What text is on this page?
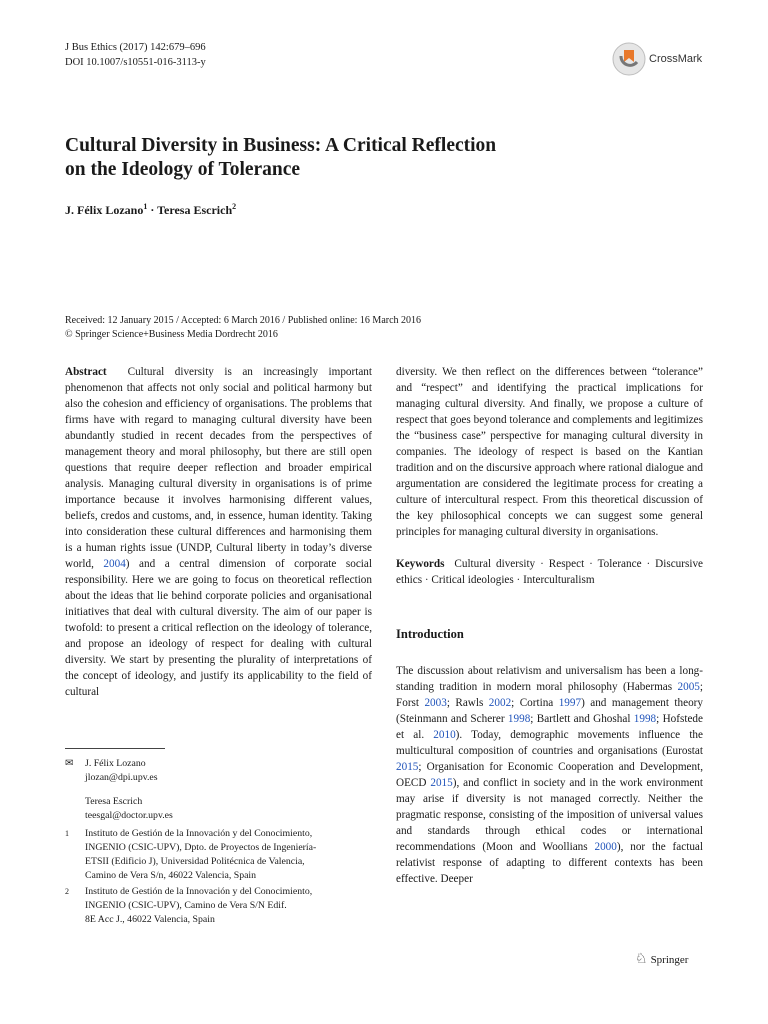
J Bus Ethics (2017) 142:679–696
DOI 10.1007/s10551-016-3113-y	CrossMark
Cultural Diversity in Business: A Critical Reflection
on the Ideology of Tolerance
J. Félix Lozano$^1$ · Teresa Escrich$^2$
Received: 12 January 2015 / Accepted: 6 March 2016 / Published online: 16 March 2016
© Springer Science+Business Media Dordrecht 2016

Abstract Cultural diversity is an increasingly important phenomenon that affects not only social and political harmony but also the cohesion and efficiency of organisations. The problems that firms have with regard to managing cultural diversity have been abundantly studied in recent decades from the perspectives of management theory and moral philosophy, but there are still open questions that require deeper reflection and broader empirical analysis. Managing cultural diversity in organisations is of prime importance because it involves harmonising different values, beliefs, credos and customs, and, in essence, human identity. Taking into consideration these cultural differences and harmonising them is a human rights issue (UNDP, Cultural liberty in today’s diverse world, 2004) and a central dimension of corporate social responsibility. Here we are going to focus on theoretical reflection about the ideas that lie behind corporate policies and organisational initiatives that deal with cultural diversity. The aim of our paper is twofold: to present a critical reflection on the ideology of tolerance, and propose an ideology of respect for dealing with cultural diversity. We start by presenting the plurality of interpretations of the concept of ideology, and justify its applicability to the field of cultural

diversity. We then reflect on the differences between “tolerance” and “respect” and identifying the practical implications for managing cultural diversity. And finally, we propose a culture of respect that goes beyond tolerance and complements and legitimizes the “business case” perspective for managing cultural diversity in companies. The ideology of respect is based on the Kantian tradition and on the discursive approach where rational dialogue and argumentation are considered the legitimate process for creating a culture of intercultural respect. From this theoretical discussion of the key philosophical concepts we can suggest some general principles for managing cultural diversity in organisations.

Keywords Cultural diversity · Respect · Tolerance · Discursive ethics · Critical ideologies · Interculturalism

Introduction

The discussion about relativism and universalism has been a long-standing tradition in modern moral philosophy (Habermas 2005; Forst 2003; Rawls 2002; Cortina 1997) and management theory (Steinmann and Scherer 1998; Bartlett and Ghoshal 1998; Hofstede et al. 2010). Today, demographic movements influence the multicultural composition of countries and organisations (Eurostat 2015; Organisation for Economic Cooperation and Development, OECD 2015), and conflict in society and in the work environment may arise if diversity is not managed correctly. Neither the pragmatic response, consisting of the imposition of universal values and standards through ethical codes or international recommendations (Moon and Woollians 2000), nor the factual relativist response of adapting to different contexts has been effective. Deeper

✉	J. Félix Lozano
jlozan@dpi.upv.es
Teresa Escrich
teesgal@doctor.upv.es
1	Instituto de Gestión de la Innovación y del Conocimiento,
INGENIO (CSIC-UPV), Dpto. de Proyectos de Ingeniería-
ETSII (Edificio J), Universidad Politécnica de Valencia,
Camino de Vera S/n, 46022 Valencia, Spain
2	Instituto de Gestión de la Innovación y del Conocimiento,
INGENIO (CSIC-UPV), Camino de Vera S/N Edif.
8E Acc J., 46022 Valencia, Spain
♘ Springer
